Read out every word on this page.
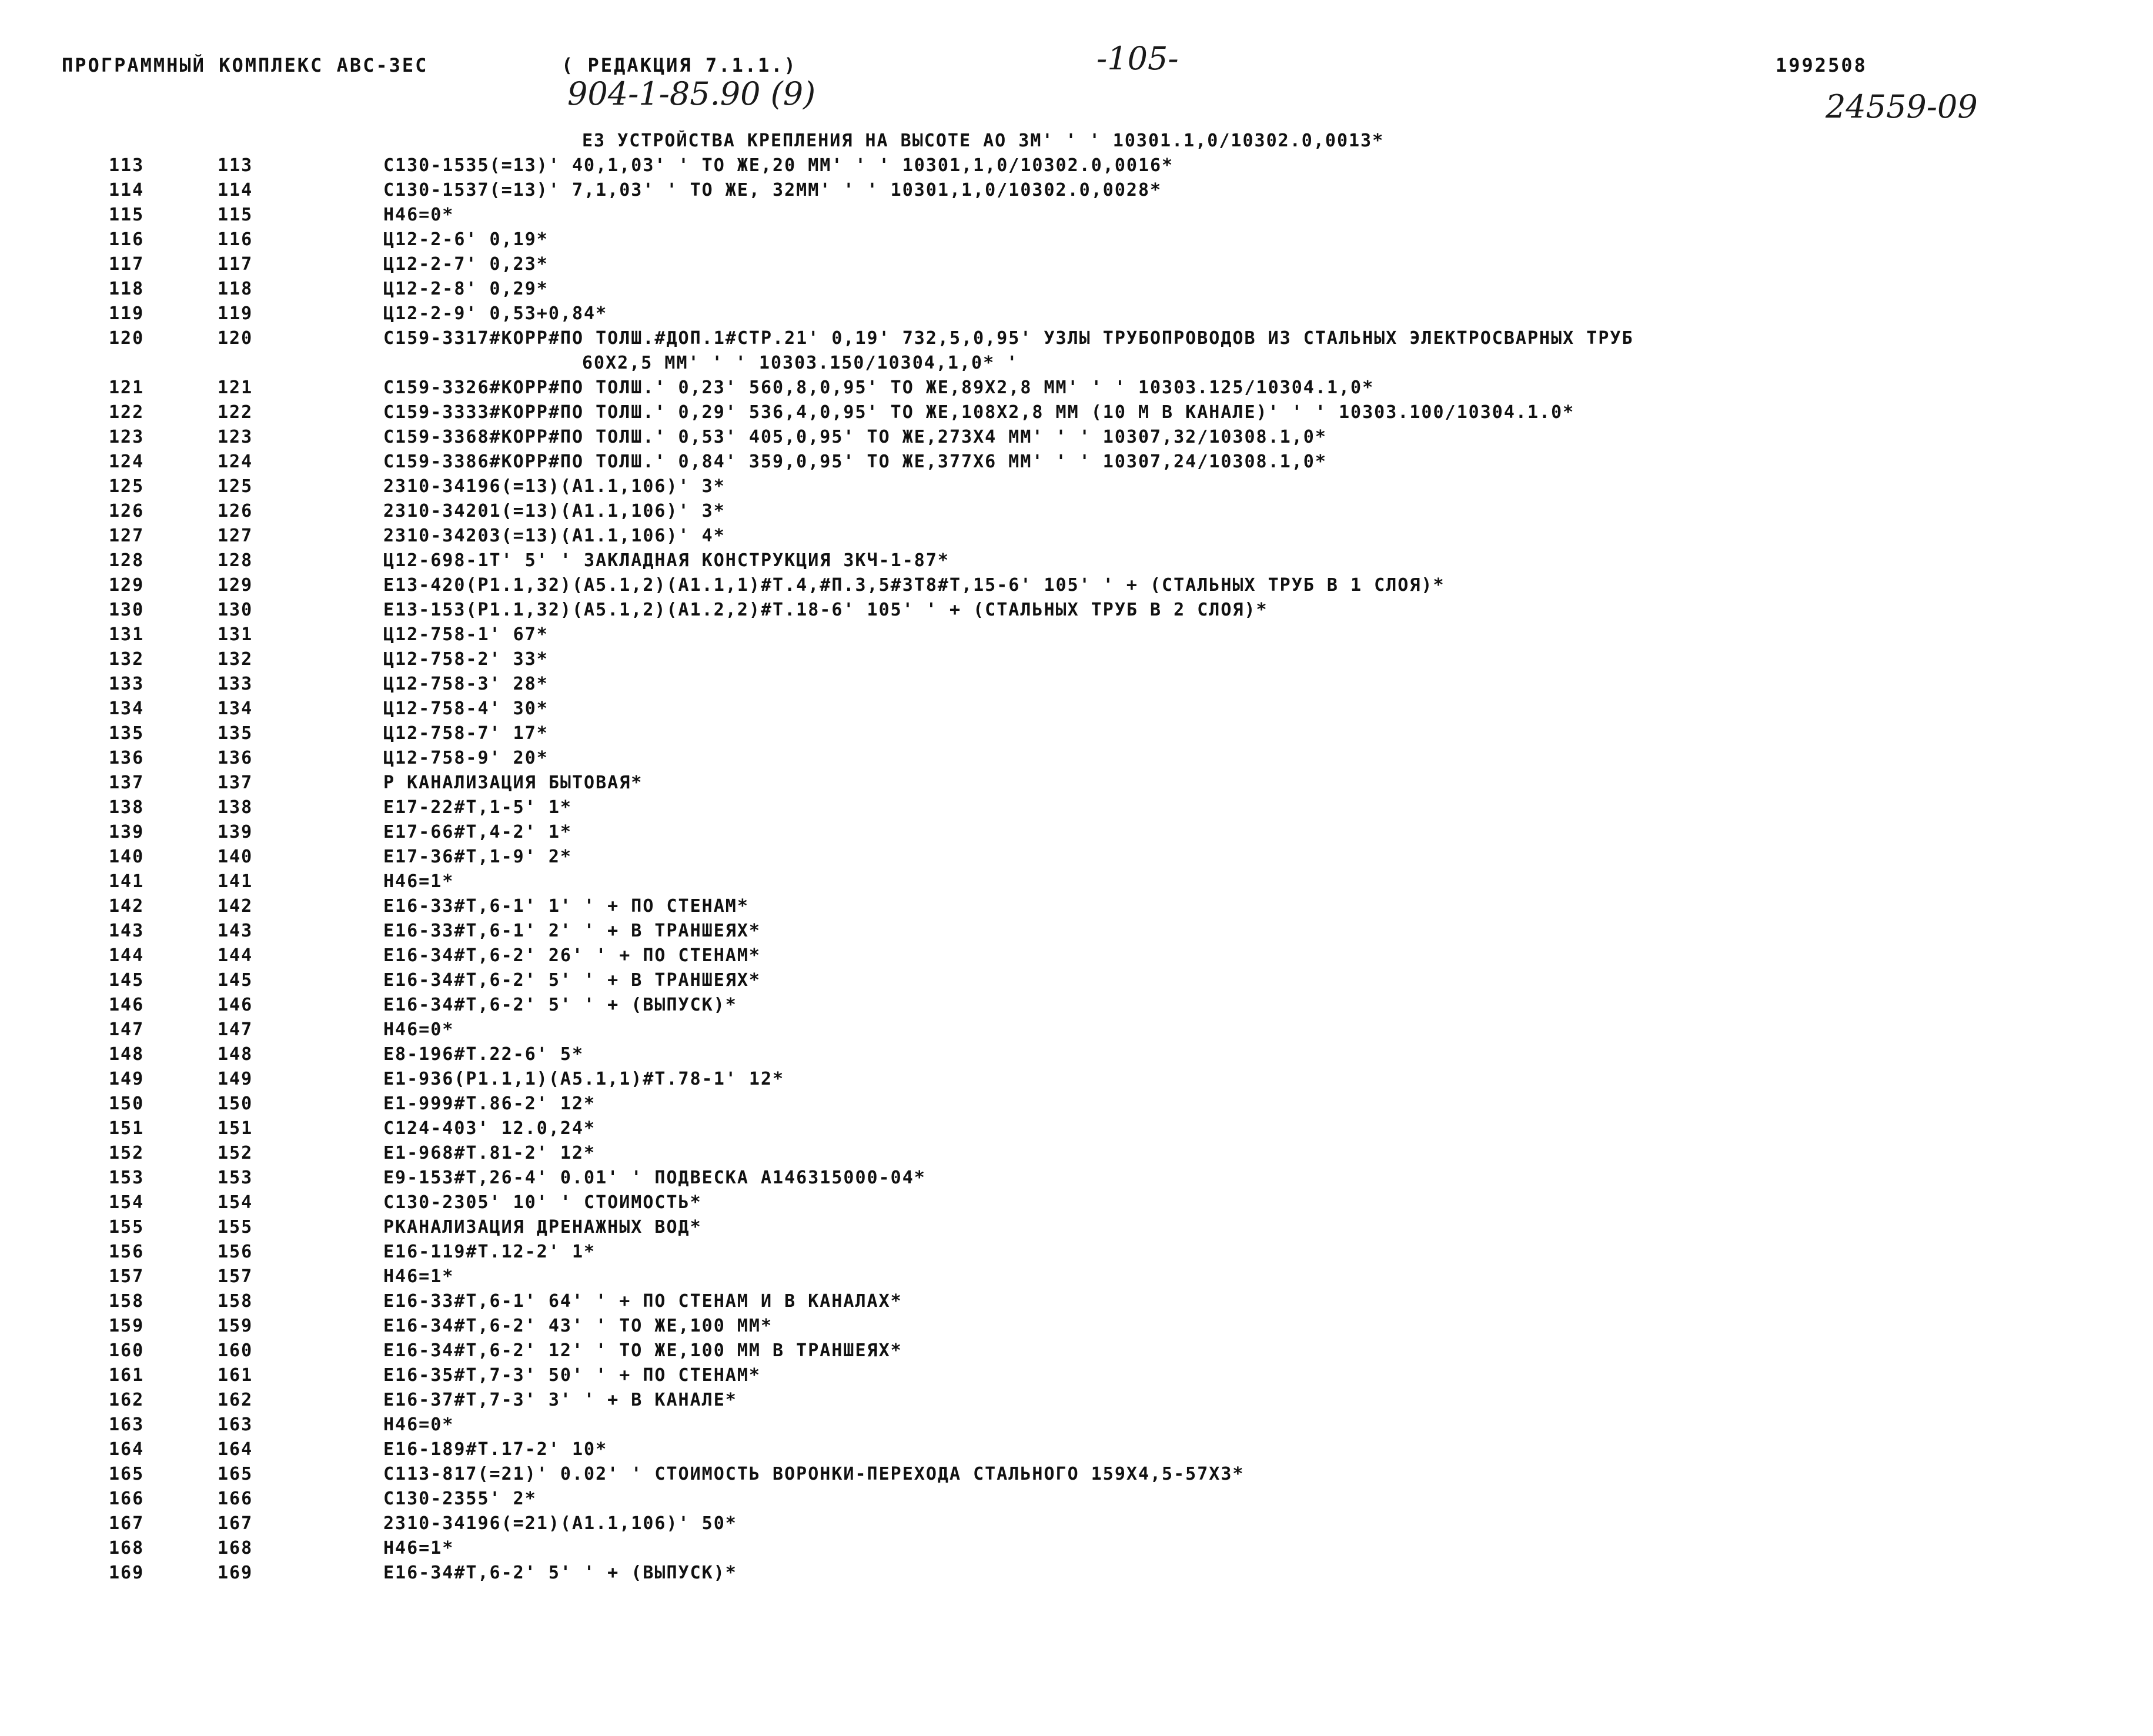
ПРОГРАММНЫЙ КОМПЛЕКС АВС-3ЕС	( РЕДАКЦИЯ 7.1.1.)	-105-	1992508
904-1-85.90 (9)	24559-09
Е3 УСТРОЙСТВА КРЕПЛЕНИЯ НА ВЫСОТЕ АО 3М' ' ' 10301.1,0/10302.0,0013*
113	113	С130-1535(=13)' 40,1,03' ' ТО ЖЕ,20 ММ' ' ' 10301,1,0/10302.0,0016*
114	114	С130-1537(=13)' 7,1,03' ' ТО ЖЕ, 32ММ' ' ' 10301,1,0/10302.0,0028*
115	115	Н46=0*
116	116	Ц12-2-6' 0,19*
117	117	Ц12-2-7' 0,23*
118	118	Ц12-2-8' 0,29*
119	119	Ц12-2-9' 0,53+0,84*
120	120	С159-3317#КОРР#ПО ТОЛШ.#ДОП.1#СТР.21' 0,19' 732,5,0,95' УЗЛЫ ТРУБОПРОВОДОВ ИЗ СТАЛЬНЫХ ЭЛЕКТРОСВАРНЫХ ТРУБ
60Х2,5 ММ' ' ' 10303.150/10304,1,0* '
121	121	С159-3326#КОРР#ПО ТОЛШ.' 0,23' 560,8,0,95' ТО ЖЕ,89Х2,8 ММ' ' ' 10303.125/10304.1,0*
122	122	С159-3333#КОРР#ПО ТОЛШ.' 0,29' 536,4,0,95' ТО ЖЕ,108Х2,8 ММ (10 М В КАНАЛЕ)' ' ' 10303.100/10304.1.0*
123	123	С159-3368#КОРР#ПО ТОЛШ.' 0,53' 405,0,95' ТО ЖЕ,273Х4 ММ' ' ' 10307,32/10308.1,0*
124	124	С159-3386#КОРР#ПО ТОЛШ.' 0,84' 359,0,95' ТО ЖЕ,377Х6 ММ' ' ' 10307,24/10308.1,0*
125	125	2310-34196(=13)(А1.1,106)' 3*
126	126	2310-34201(=13)(А1.1,106)' 3*
127	127	2310-34203(=13)(А1.1,106)' 4*
128	128	Ц12-698-1Т' 5' ' ЗАКЛАДНАЯ КОНСТРУКЦИЯ 3КЧ-1-87*
129	129	Е13-420(Р1.1,32)(А5.1,2)(А1.1,1)#Т.4,#П.3,5#3Т8#Т,15-6' 105' ' + (СТАЛЬНЫХ ТРУБ В 1 СЛОЯ)*
130	130	Е13-153(Р1.1,32)(А5.1,2)(А1.2,2)#Т.18-6' 105' ' + (СТАЛЬНЫХ ТРУБ В 2 СЛОЯ)*
131	131	Ц12-758-1' 67*
132	132	Ц12-758-2' 33*
133	133	Ц12-758-3' 28*
134	134	Ц12-758-4' 30*
135	135	Ц12-758-7' 17*
136	136	Ц12-758-9' 20*
137	137	Р КАНАЛИЗАЦИЯ БЫТОВАЯ*
138	138	Е17-22#Т,1-5' 1*
139	139	Е17-66#Т,4-2' 1*
140	140	Е17-36#Т,1-9' 2*
141	141	Н46=1*
142	142	Е16-33#Т,6-1' 1' ' + ПО СТЕНАМ*
143	143	Е16-33#Т,6-1' 2' ' + В ТРАНШЕЯХ*
144	144	Е16-34#Т,6-2' 26' ' + ПО СТЕНАМ*
145	145	Е16-34#Т,6-2' 5' ' + В ТРАНШЕЯХ*
146	146	Е16-34#Т,6-2' 5' ' + (ВЫПУСК)*
147	147	Н46=0*
148	148	Е8-196#Т.22-6' 5*
149	149	Е1-936(Р1.1,1)(А5.1,1)#Т.78-1' 12*
150	150	Е1-999#Т.86-2' 12*
151	151	С124-403' 12.0,24*
152	152	Е1-968#Т.81-2' 12*
153	153	Е9-153#Т,26-4' 0.01' ' ПОДВЕСКА А146315000-04*
154	154	С130-2305' 10' ' СТОИМОСТЬ*
155	155	РКАНАЛИЗАЦИЯ ДРЕНАЖНЫХ ВОД*
156	156	Е16-119#Т.12-2' 1*
157	157	Н46=1*
158	158	Е16-33#Т,6-1' 64' ' + ПО СТЕНАМ И В КАНАЛАХ*
159	159	Е16-34#Т,6-2' 43' ' ТО ЖЕ,100 ММ*
160	160	Е16-34#Т,6-2' 12' ' ТО ЖЕ,100 ММ В ТРАНШЕЯХ*
161	161	Е16-35#Т,7-3' 50' ' + ПО СТЕНАМ*
162	162	Е16-37#Т,7-3' 3' ' + В КАНАЛЕ*
163	163	Н46=0*
164	164	Е16-189#Т.17-2' 10*
165	165	С113-817(=21)' 0.02' ' СТОИМОСТЬ ВОРОНКИ-ПЕРЕХОДА СТАЛЬНОГО 159Х4,5-57Х3*
166	166	С130-2355' 2*
167	167	2310-34196(=21)(А1.1,106)' 50*
168	168	Н46=1*
169	169	Е16-34#Т,6-2' 5' ' + (ВЫПУСК)*
